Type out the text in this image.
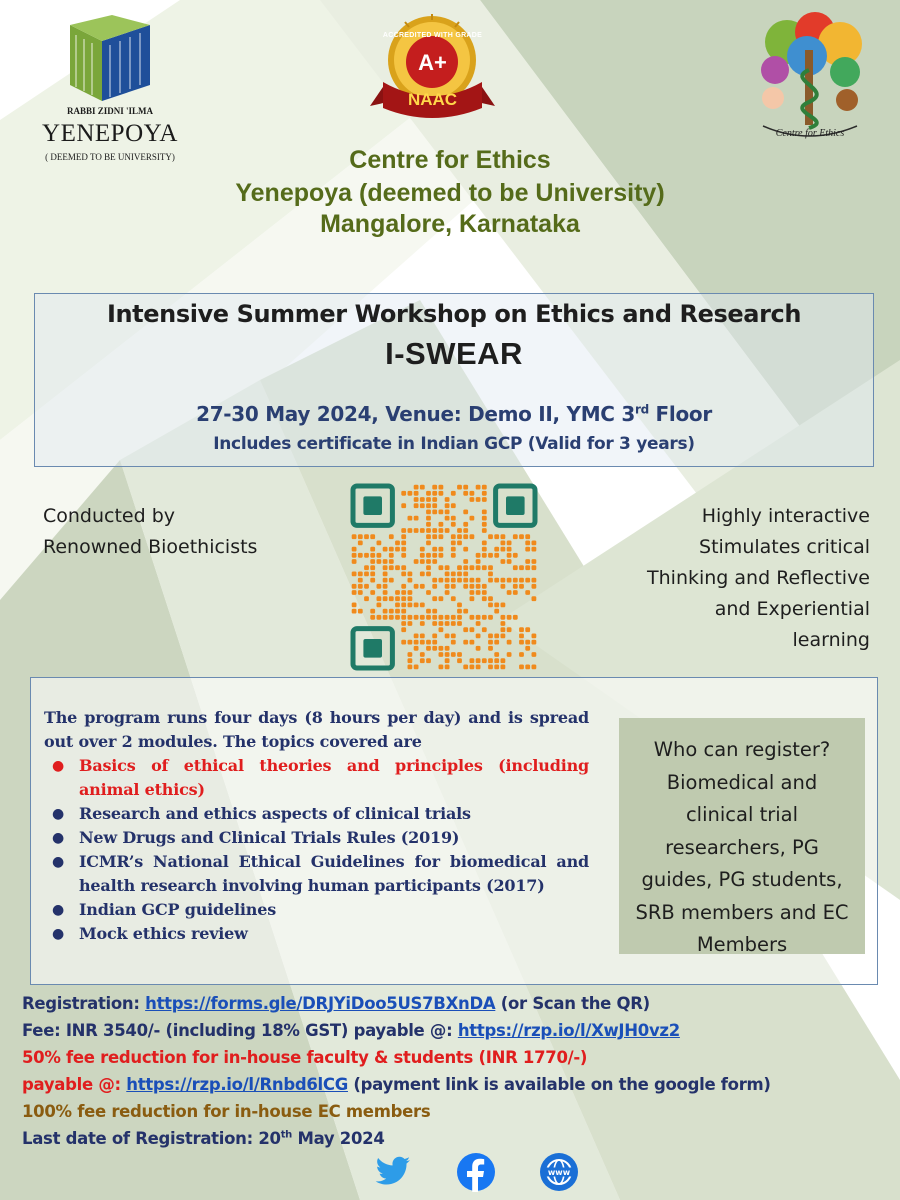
RABBI ZIDNI 'ILMA
YENEPOYA
( DEEMED TO BE UNIVERSITY)
ACCREDITED WITH GRADE
A+
NAAC
Centre for Ethics
Centre for Ethics
Yenepoya (deemed to be University)
Mangalore, Karnataka
Intensive Summer Workshop on Ethics and Research
I-SWEAR
27-30 May 2024, Venue: Demo II, YMC 3rd Floor
Includes certificate in Indian GCP (Valid for 3 years)
Conducted by
Renowned Bioethicists
Highly interactive
Stimulates critical
Thinking and Reflective
and Experiential
learning
The program runs four days (8 hours per day) and is spread out over 2 modules. The topics covered are
● Basics of ethical theories and principles (including animal ethics)
● Research and ethics aspects of clinical trials
● New Drugs and Clinical Trials Rules (2019)
● ICMR’s National Ethical Guidelines for biomedical and health research involving human participants (2017)
● Indian GCP guidelines
● Mock ethics review
Who can register?
Biomedical and
clinical trial
researchers, PG
guides, PG students,
SRB members and EC
Members
Registration: https://forms.gle/DRJYiDoo5US7BXnDA (or Scan the QR)
Fee: INR 3540/- (including 18% GST) payable @: https://rzp.io/l/XwJH0vz2
50% fee reduction for in-house faculty & students (INR 1770/-)
payable @: https://rzp.io/l/Rnbd6lCG (payment link is available on the google form)
100% fee reduction for in-house EC members
Last date of Registration: 20th May 2024
www
